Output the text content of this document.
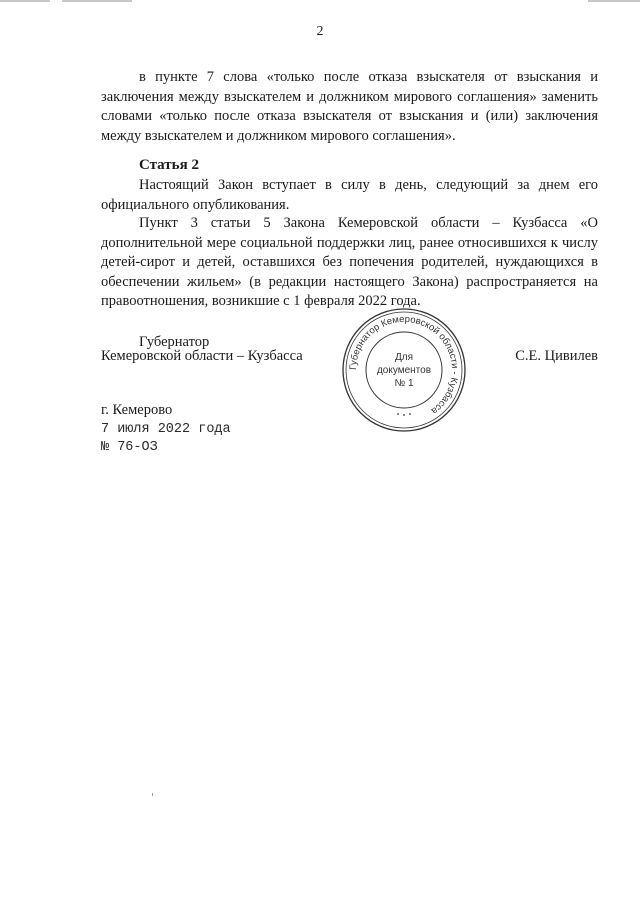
2

в пункте 7 слова «только после отказа взыскателя от взыскания и заключения между взыскателем и должником мирового соглашения» заменить словами «только после отказа взыскателя от взыскания и (или) заключения между взыскателем и должником мирового соглашения».

Статья 2

Настоящий Закон вступает в силу в день, следующий за днем его официального опубликования.

Пункт 3 статьи 5 Закона Кемеровской области – Кузбасса «О дополнительной мере социальной поддержки лиц, ранее относившихся к числу детей-сирот и детей, оставшихся без попечения родителей, нуждающихся в обеспечении жильем» (в редакции настоящего Закона) распространяется на правоотношения, возникшие с 1 февраля 2022 года.

Губернатор
Кемеровской области – Кузбасса	С.Е. Цивилев
Губернатор Кемеровской области - Кузбасса
Для
документов
№ 1
г. Кемерово
7 июля 2022 года
№ 76-ОЗ
